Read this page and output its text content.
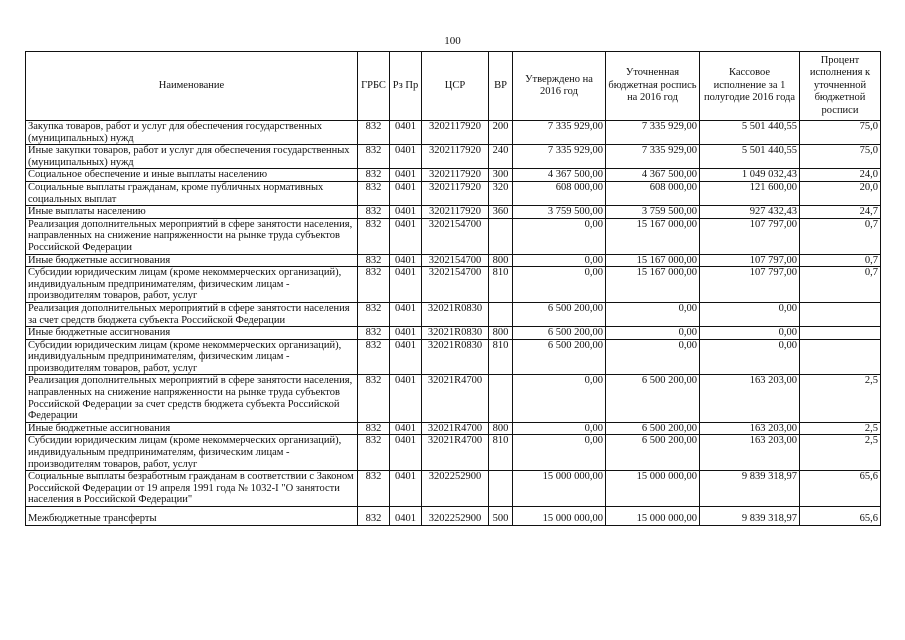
100
Наименование	ГРБС	Рз Пр	ЦСР	ВР	Утверждено на 2016 год	Уточненная бюджетная роспись на 2016 год	Кассовое исполнение за 1 полугодие 2016 года	Процент исполнения к уточненной бюджетной росписи
Закупка товаров, работ и услуг для обеспечения государственных (муниципальных) нужд	832	0401	3202117920	200	7 335 929,00	7 335 929,00	5 501 440,55	75,0
Иные закупки товаров, работ и услуг для обеспечения государственных (муниципальных) нужд	832	0401	3202117920	240	7 335 929,00	7 335 929,00	5 501 440,55	75,0
Социальное обеспечение и иные выплаты населению	832	0401	3202117920	300	4 367 500,00	4 367 500,00	1 049 032,43	24,0
Социальные выплаты гражданам, кроме публичных нормативных социальных выплат	832	0401	3202117920	320	608 000,00	608 000,00	121 600,00	20,0
Иные выплаты населению	832	0401	3202117920	360	3 759 500,00	3 759 500,00	927 432,43	24,7
Реализация дополнительных мероприятий в сфере занятости населения, направленных на снижение напряженности на рынке труда субъектов Российской Федерации	832	0401	3202154700		0,00	15 167 000,00	107 797,00	0,7
Иные бюджетные ассигнования	832	0401	3202154700	800	0,00	15 167 000,00	107 797,00	0,7
Субсидии юридическим лицам (кроме некоммерческих организаций), индивидуальным предпринимателям, физическим лицам - производителям товаров, работ, услуг	832	0401	3202154700	810	0,00	15 167 000,00	107 797,00	0,7
Реализация дополнительных мероприятий в сфере занятости населения за счет средств бюджета субъекта Российской Федерации	832	0401	32021R0830		6 500 200,00	0,00	0,00	
Иные бюджетные ассигнования	832	0401	32021R0830	800	6 500 200,00	0,00	0,00	
Субсидии юридическим лицам (кроме некоммерческих организаций), индивидуальным предпринимателям, физическим лицам - производителям товаров, работ, услуг	832	0401	32021R0830	810	6 500 200,00	0,00	0,00	
Реализация дополнительных мероприятий в сфере занятости населения, направленных на снижение напряженности на рынке труда субъектов Российской Федерации за счет средств бюджета субъекта Российской Федерации	832	0401	32021R4700		0,00	6 500 200,00	163 203,00	2,5
Иные бюджетные ассигнования	832	0401	32021R4700	800	0,00	6 500 200,00	163 203,00	2,5
Субсидии юридическим лицам (кроме некоммерческих организаций), индивидуальным предпринимателям, физическим лицам - производителям товаров, работ, услуг	832	0401	32021R4700	810	0,00	6 500 200,00	163 203,00	2,5
Социальные выплаты безработным гражданам в соответствии с Законом Российской Федерации от 19 апреля 1991 года № 1032-I "О занятости населения в Российской Федерации"	832	0401	3202252900		15 000 000,00	15 000 000,00	9 839 318,97	65,6
Межбюджетные трансферты	832	0401	3202252900	500	15 000 000,00	15 000 000,00	9 839 318,97	65,6
